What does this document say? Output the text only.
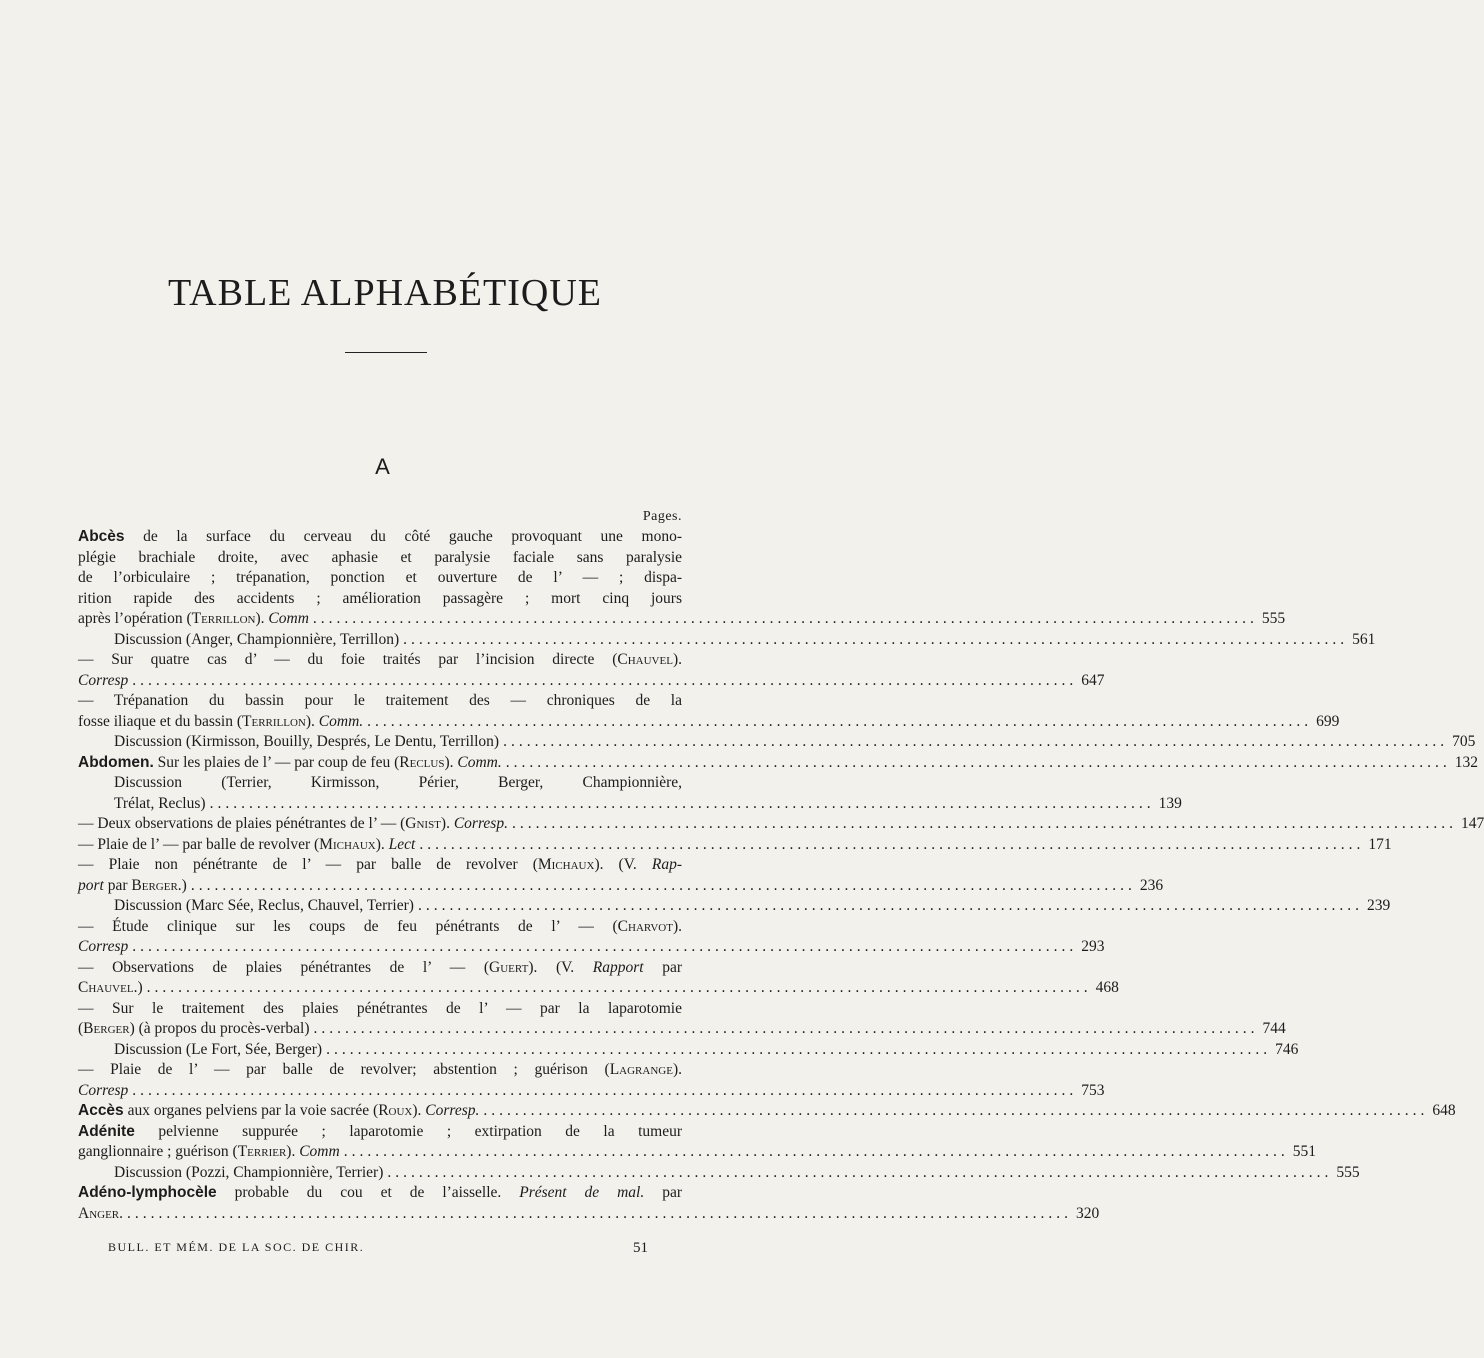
TABLE ALPHABÉTIQUE
A
Pages.
Abcès de la surface du cerveau du côté gauche provoquant une mono-
plégie brachiale droite, avec aphasie et paralysie faciale sans paralysie
de l’orbiculaire ; trépanation, ponction et ouverture de l’ — ; dispa-
rition rapide des accidents ; amélioration passagère ; mort cinq jours
après l’opération (Terrillon). Comm ........................................................................................................................ 555
Discussion (Anger, Championnière, Terrillon) ........................................................................................................................ 561
— Sur quatre cas d’ — du foie traités par l’incision directe (Chauvel).
Corresp ........................................................................................................................ 647
— Trépanation du bassin pour le traitement des — chroniques de la
fosse iliaque et du bassin (Terrillon). Comm. ........................................................................................................................ 699
Discussion (Kirmisson, Bouilly, Després, Le Dentu, Terrillon) ........................................................................................................................ 705
Abdomen. Sur les plaies de l’ — par coup de feu (Reclus). Comm. ........................................................................................................................ 132
Discussion (Terrier, Kirmisson, Périer, Berger, Championnière,
Trélat, Reclus) ........................................................................................................................ 139
— Deux observations de plaies pénétrantes de l’ — (Gnist). Corresp. ........................................................................................................................ 147
— Plaie de l’ — par balle de revolver (Michaux). Lect ........................................................................................................................ 171
— Plaie non pénétrante de l’ — par balle de revolver (Michaux). (V. Rap-
port par Berger.) ........................................................................................................................ 236
Discussion (Marc Sée, Reclus, Chauvel, Terrier) ........................................................................................................................ 239
— Étude clinique sur les coups de feu pénétrants de l’ — (Charvot).
Corresp ........................................................................................................................ 293
— Observations de plaies pénétrantes de l’ — (Guert). (V. Rapport par
Chauvel.) ........................................................................................................................ 468
— Sur le traitement des plaies pénétrantes de l’ — par la laparotomie
(Berger) (à propos du procès-verbal) ........................................................................................................................ 744
Discussion (Le Fort, Sée, Berger) ........................................................................................................................ 746
— Plaie de l’ — par balle de revolver; abstention ; guérison (Lagrange).
Corresp ........................................................................................................................ 753
Accès aux organes pelviens par la voie sacrée (Roux). Corresp. ........................................................................................................................ 648
Adénite pelvienne suppurée ; laparotomie ; extirpation de la tumeur
ganglionnaire ; guérison (Terrier). Comm ........................................................................................................................ 551
Discussion (Pozzi, Championnière, Terrier) ........................................................................................................................ 555
Adéno-lymphocèle probable du cou et de l’aisselle. Présent de mal. par
Anger. ........................................................................................................................ 320
BULL. ET MÉM. DE LA SOC. DE CHIR.	51
